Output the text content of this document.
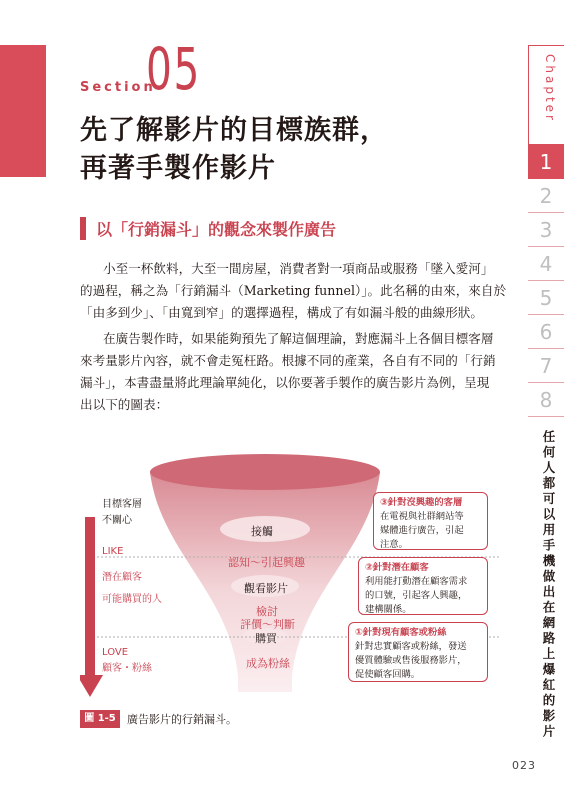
Section
05
先了解影片的目標族群，
再著手製作影片
以「行銷漏斗」的觀念來製作廣告
小至一杯飲料，大至一間房屋，消費者對一項商品或服務「墜入愛河」
的過程，稱之為「行銷漏斗（Marketing funnel）」。此名稱的由來，來自於
「由多到少」、「由寬到窄」的選擇過程，構成了有如漏斗般的曲線形狀。
在廣告製作時，如果能夠預先了解這個理論，對應漏斗上各個目標客層
來考量影片內容，就不會走冤枉路。根據不同的產業，各自有不同的「行銷
漏斗」，本書盡量將此理論單純化，以你要著手製作的廣告影片為例，呈現
出以下的圖表：
Chapter
1
2
3
4
5
6
7
8
任何人都可以用手機做出在網路上爆紅的影片
目標客層
不關心
LIKE
潛在顧客
可能購買的人
LOVE
顧客・粉絲
接觸
認知～引起興趣
觀看影片
檢討
評價～判斷
購買
成為粉絲
③針對沒興趣的客層
在電視與社群網站等
媒體進行廣告，引起
注意。
②針對潛在顧客
利用能打動潛在顧客需求
的口號，引起客人興趣，
建構關係。
①針對現有顧客或粉絲
針對忠實顧客或粉絲，發送
優質體驗或售後服務影片，
促使顧客回購。
圖 1-5	廣告影片的行銷漏斗。
023
